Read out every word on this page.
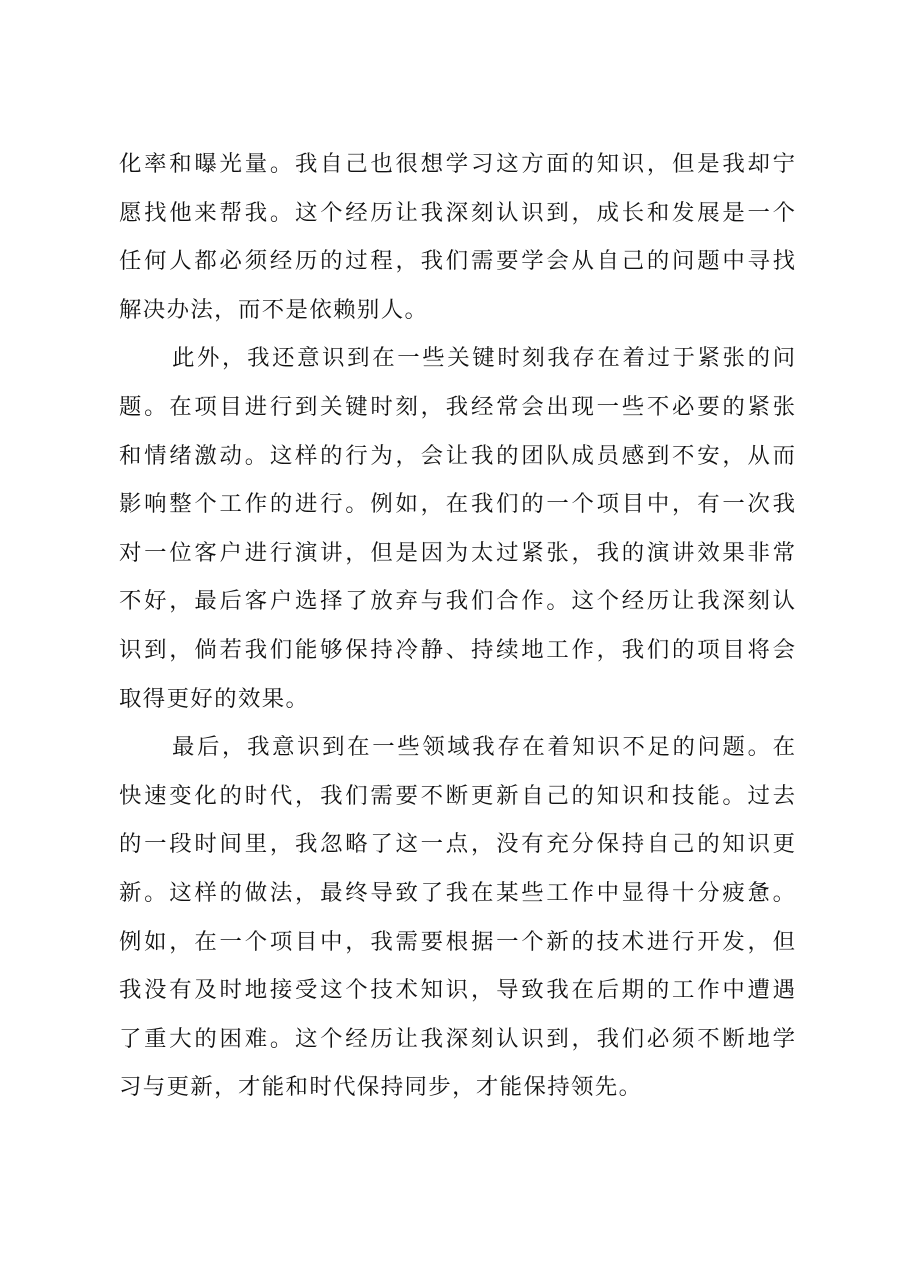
化率和曝光量。我自己也很想学习这方面的知识，但是我却宁
愿找他来帮我。这个经历让我深刻认识到，成长和发展是一个
任何人都必须经历的过程，我们需要学会从自己的问题中寻找
解决办法，而不是依赖别人。
此外，我还意识到在一些关键时刻我存在着过于紧张的问
题。在项目进行到关键时刻，我经常会出现一些不必要的紧张
和情绪激动。这样的行为，会让我的团队成员感到不安，从而
影响整个工作的进行。例如，在我们的一个项目中，有一次我
对一位客户进行演讲，但是因为太过紧张，我的演讲效果非常
不好，最后客户选择了放弃与我们合作。这个经历让我深刻认
识到，倘若我们能够保持冷静、持续地工作，我们的项目将会
取得更好的效果。
最后，我意识到在一些领域我存在着知识不足的问题。在
快速变化的时代，我们需要不断更新自己的知识和技能。过去
的一段时间里，我忽略了这一点，没有充分保持自己的知识更
新。这样的做法，最终导致了我在某些工作中显得十分疲惫。
例如，在一个项目中，我需要根据一个新的技术进行开发，但
我没有及时地接受这个技术知识，导致我在后期的工作中遭遇
了重大的困难。这个经历让我深刻认识到，我们必须不断地学
习与更新，才能和时代保持同步，才能保持领先。
